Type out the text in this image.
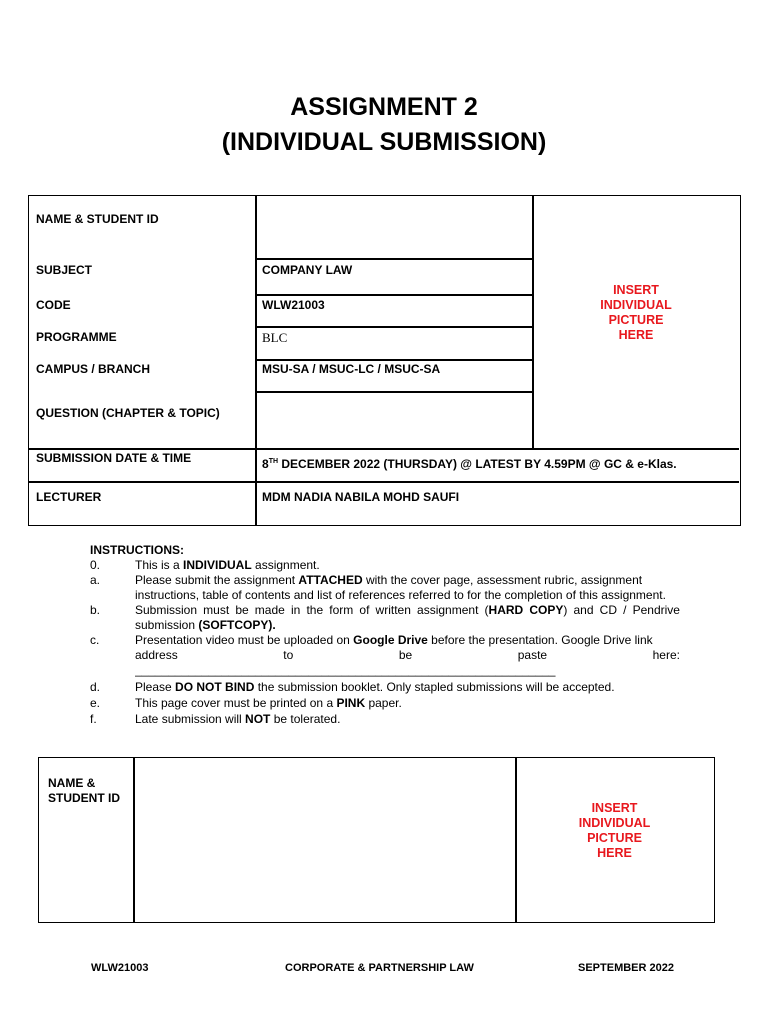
ASSIGNMENT 2
(INDIVIDUAL SUBMISSION)
NAME & STUDENT ID
SUBJECT	COMPANY LAW
CODE	WLW21003
PROGRAMME	BLC
CAMPUS / BRANCH	MSU-SA / MSUC-LC / MSUC-SA
QUESTION (CHAPTER & TOPIC)
SUBMISSION DATE & TIME	8TH DECEMBER 2022 (THURSDAY) @ LATEST BY 4.59PM @ GC & e-Klas.
LECTURER	MDM NADIA NABILA MOHD SAUFI
INSERT
INDIVIDUAL
PICTURE
HERE
INSTRUCTIONS:
0.	This is a INDIVIDUAL assignment.
a.	Please submit the assignment ATTACHED with the cover page, assessment rubric, assignment instructions, table of contents and list of references referred to for the completion of this assignment.
b.	Submission must be made in the form of written assignment (HARD COPY) and CD / Pendrive submission (SOFTCOPY).
c.	Presentation video must be uploaded on Google Drive before the presentation. Google Drive link
address	to	be	paste	here:
_______________________________________________________________
d.	Please DO NOT BIND the submission booklet. Only stapled submissions will be accepted.
e.	This page cover must be printed on a PINK paper.
f.	Late submission will NOT be tolerated.
NAME &
STUDENT ID
INSERT
INDIVIDUAL
PICTURE
HERE
WLW21003	CORPORATE & PARTNERSHIP LAW	SEPTEMBER 2022
